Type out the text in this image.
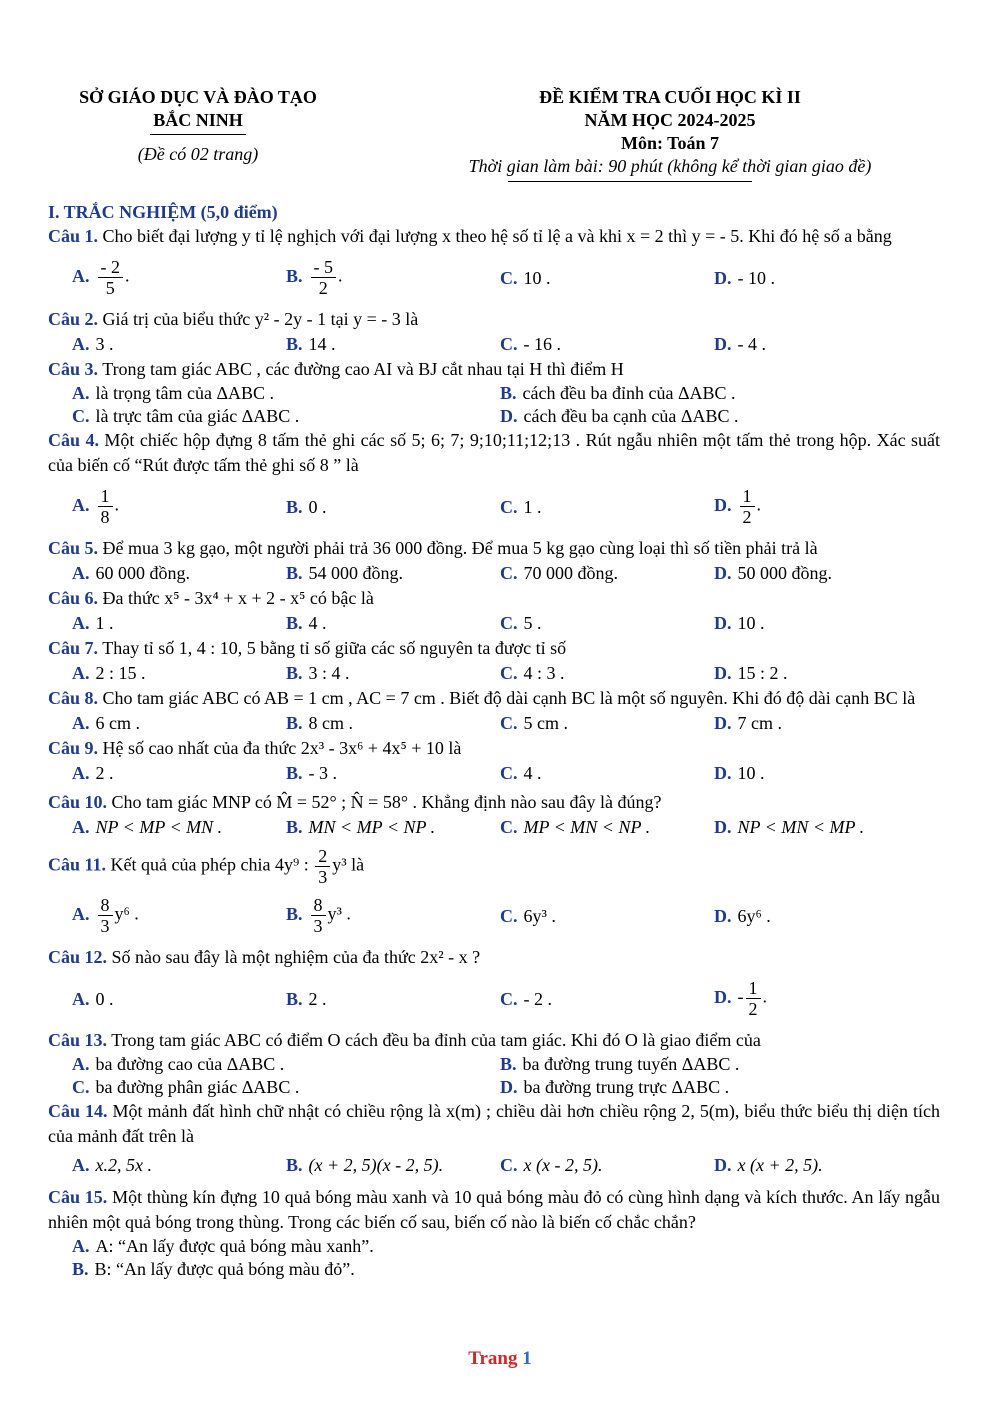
SỞ GIÁO DỤC VÀ ĐÀO TẠO
BẮC NINH
(Đề có 02 trang)
ĐỀ KIỂM TRA CUỐI HỌC KÌ II
NĂM HỌC 2024-2025
Môn: Toán 7
Thời gian làm bài: 90 phút (không kể thời gian giao đề)

I. TRẮC NGHIỆM (5,0 điểm)

Câu 1. Cho biết đại lượng y tỉ lệ nghịch với đại lượng x theo hệ số tỉ lệ a và khi x = 2 thì y = - 5. Khi đó hệ số a bằng

A. $\frac{- 2}{5}$ .	B. $\frac{- 5}{2}$ .	C. 10 .	D. - 10 .

Câu 2. Giá trị của biểu thức y² - 2y - 1 tại y = - 3 là

A. 3 .	B. 14 .	C. - 16 .	D. - 4 .

Câu 3. Trong tam giác ABC , các đường cao AI và BJ cắt nhau tại H thì điểm H

A. là trọng tâm của ΔABC .	B. cách đều ba đỉnh của ΔABC .
C. là trực tâm của giác ΔABC .	D. cách đều ba cạnh của ΔABC .

Câu 4. Một chiếc hộp đựng 8 tấm thẻ ghi các số 5; 6; 7; 9;10;11;12;13 . Rút ngẫu nhiên một tấm thẻ trong hộp. Xác suất của biến cố “Rút được tấm thẻ ghi số 8 ” là

A. $\frac{1}{8}$ .	B. 0 .	C. 1 .	D. $\frac{1}{2}$ .

Câu 5. Để mua 3 kg gạo, một người phải trả 36 000 đồng. Để mua 5 kg gạo cùng loại thì số tiền phải trả là

A. 60 000 đồng.	B. 54 000 đồng.	C. 70 000 đồng.	D. 50 000 đồng.

Câu 6. Đa thức x⁵ - 3x⁴ + x + 2 - x⁵ có bậc là

A. 1 .	B. 4 .	C. 5 .	D. 10 .

Câu 7. Thay tỉ số 1, 4 : 10, 5 bằng tỉ số giữa các số nguyên ta được tỉ số

A. 2 : 15 .	B. 3 : 4 .	C. 4 : 3 .	D. 15 : 2 .

Câu 8. Cho tam giác ABC có AB = 1 cm , AC = 7 cm . Biết độ dài cạnh BC là một số nguyên. Khi đó độ dài cạnh BC là

A. 6 cm .	B. 8 cm .	C. 5 cm .	D. 7 cm .

Câu 9. Hệ số cao nhất của đa thức 2x³ - 3x⁶ + 4x⁵ + 10 là

A. 2 .	B. - 3 .	C. 4 .	D. 10 .

Câu 10. Cho tam giác MNP có M̂ = 52° ; N̂ = 58° . Khẳng định nào sau đây là đúng?

A. NP < MP < MN .	B. MN < MP < NP .	C. MP < MN < NP .	D. NP < MN < MP .

Câu 11. Kết quả của phép chia 4y⁹ : $\frac{2}{3} y^3$ là

A. $\frac{8}{3} y^6$ .	B. $\frac{8}{3} y^3$ .	C. 6y³ .	D. 6y⁶ .

Câu 12. Số nào sau đây là một nghiệm của đa thức 2x² - x ?

A. 0 .	B. 2 .	C. - 2 .	D. - $\frac{1}{2}$ .

Câu 13. Trong tam giác ABC có điểm O cách đều ba đỉnh của tam giác. Khi đó O là giao điểm của

A. ba đường cao của ΔABC .	B. ba đường trung tuyến ΔABC .
C. ba đường phân giác ΔABC .	D. ba đường trung trực ΔABC .

Câu 14. Một mảnh đất hình chữ nhật có chiều rộng là x(m) ; chiều dài hơn chiều rộng 2, 5(m), biểu thức biểu thị diện tích của mảnh đất trên là

A. x.2, 5x .	B. (x + 2, 5)(x - 2, 5).	C. x (x - 2, 5).	D. x (x + 2, 5).

Câu 15. Một thùng kín đựng 10 quả bóng màu xanh và 10 quả bóng màu đỏ có cùng hình dạng và kích thước. An lấy ngẫu nhiên một quả bóng trong thùng. Trong các biến cố sau, biến cố nào là biến cố chắc chắn?

A. A: “An lấy được quả bóng màu xanh”.
B. B: “An lấy được quả bóng màu đỏ”.
Trang 1
